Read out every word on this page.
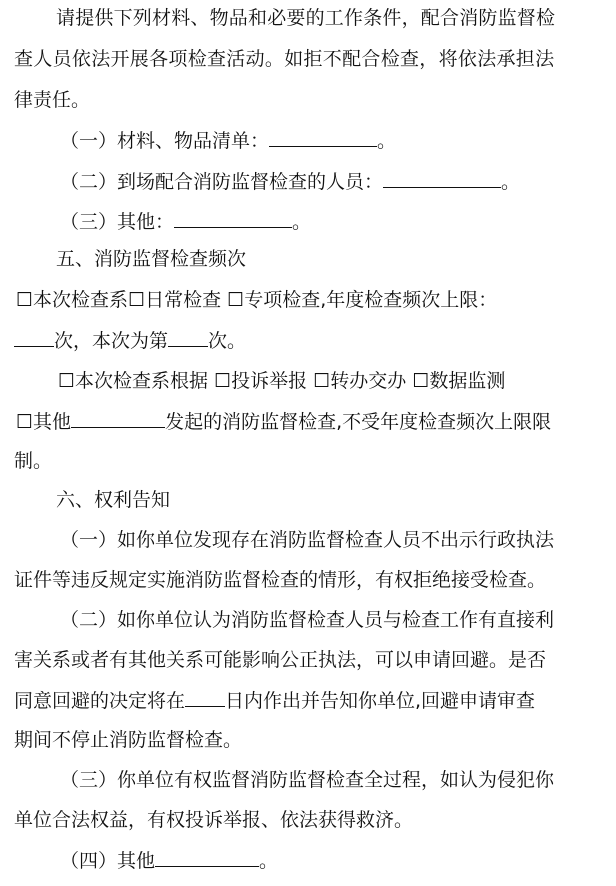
请提供下列材料、物品和必要的工作条件，配合消防监督检
查人员依法开展各项检查活动。如拒不配合检查，将依法承担法
律责任。
（一）材料、物品清单：	。
（二）到场配合消防监督检查的人员：	。
（三）其他：	。
五、消防监督检查频次
☐本次检查系☐日常检查 ☐专项检查,年度检查频次上限：
次，本次为第 次。
☐本次检查系根据 ☐投诉举报 ☐转办交办 ☐数据监测
☐其他	发起的消防监督检查,不受年度检查频次上限限
制。
六、权利告知
（一）如你单位发现存在消防监督检查人员不出示行政执法
证件等违反规定实施消防监督检查的情形，有权拒绝接受检查。
（二）如你单位认为消防监督检查人员与检查工作有直接利
害关系或者有其他关系可能影响公正执法，可以申请回避。是否
同意回避的决定将在 日内作出并告知你单位,回避申请审查
期间不停止消防监督检查。
（三）你单位有权监督消防监督检查全过程，如认为侵犯你
单位合法权益，有权投诉举报、依法获得救济。
（四）其他	。
